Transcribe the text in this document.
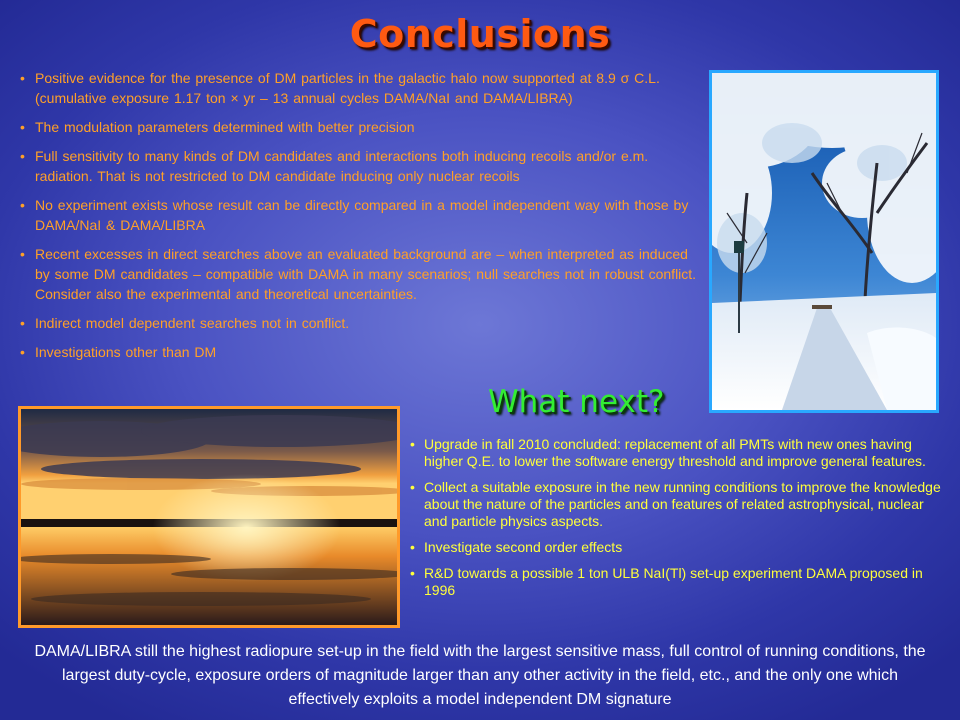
Conclusions
• Positive evidence for the presence of DM particles in the galactic halo now supported at 8.9 σ C.L. (cumulative exposure 1.17 ton × yr – 13 annual cycles DAMA/NaI and DAMA/LIBRA)
• The modulation parameters determined with better precision
• Full sensitivity to many kinds of DM candidates and interactions both inducing recoils and/or e.m. radiation. That is not restricted to DM candidate inducing only nuclear recoils
• No experiment exists whose result can be directly compared in a model independent way with those by DAMA/NaI & DAMA/LIBRA
• Recent excesses in direct searches above an evaluated background are – when interpreted as induced by some DM candidates – compatible with DAMA in many scenarios; null searches not in robust conflict. Consider also the experimental and theoretical uncertainties.
• Indirect model dependent searches not in conflict.
• Investigations other than DM
What next?
• Upgrade in fall 2010 concluded: replacement of all PMTs with new ones having higher Q.E. to lower the software energy threshold and improve general features.
• Collect a suitable exposure in the new running conditions to improve the knowledge about the nature of the particles and on features of related astrophysical, nuclear and particle physics aspects.
• Investigate second order effects
• R&D towards a possible 1 ton ULB NaI(Tl) set-up experiment DAMA proposed in 1996
DAMA/LIBRA still the highest radiopure set-up in the field with the largest sensitive mass, full control of running conditions, the largest duty-cycle, exposure orders of magnitude larger than any other activity in the field, etc., and the only one which effectively exploits a model independent DM signature
